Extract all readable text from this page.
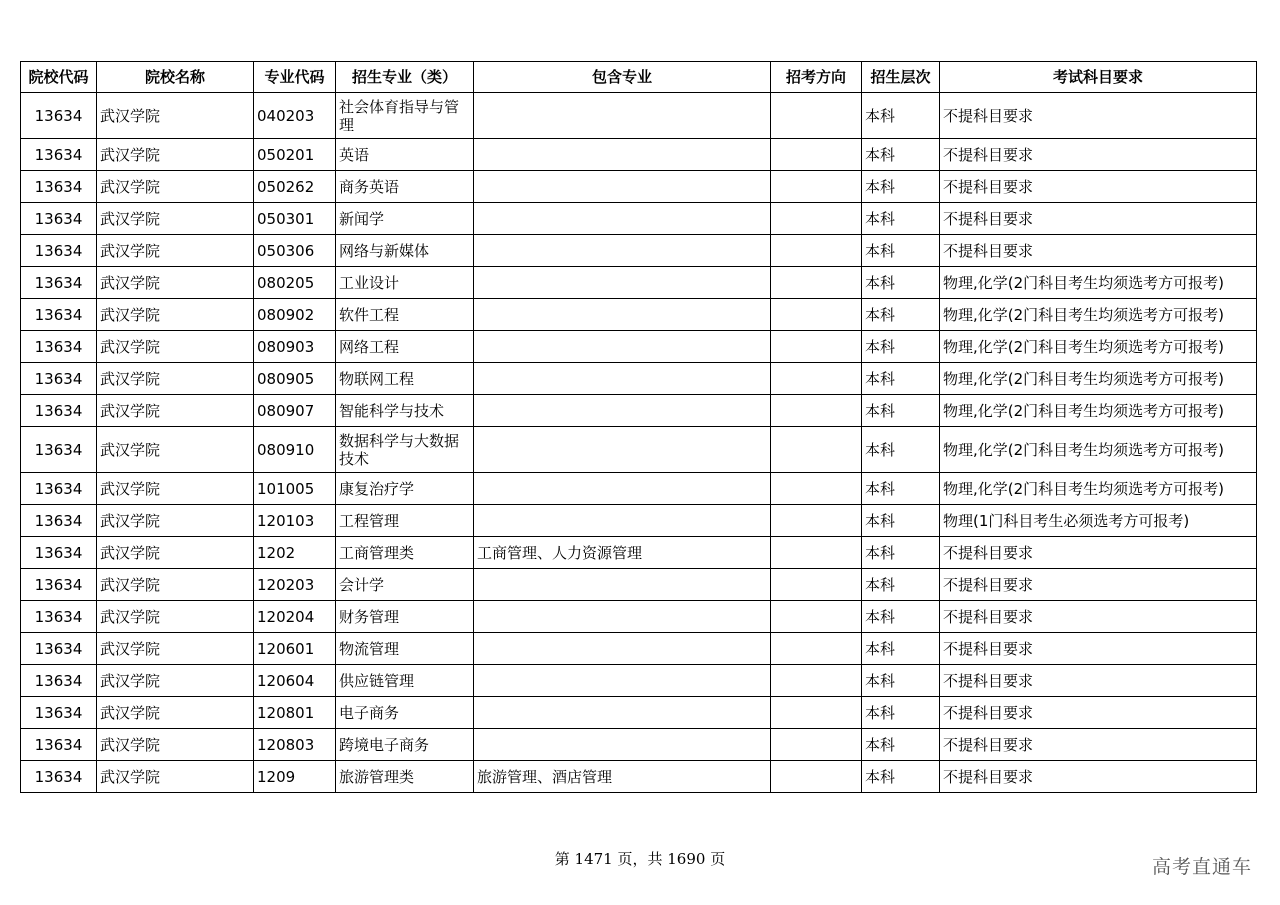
院校代码	院校名称	专业代码	招生专业（类）	包含专业	招考方向	招生层次	考试科目要求
13634	武汉学院	040203	社会体育指导与管理			本科	不提科目要求
13634	武汉学院	050201	英语			本科	不提科目要求
13634	武汉学院	050262	商务英语			本科	不提科目要求
13634	武汉学院	050301	新闻学			本科	不提科目要求
13634	武汉学院	050306	网络与新媒体			本科	不提科目要求
13634	武汉学院	080205	工业设计			本科	物理,化学(2门科目考生均须选考方可报考)
13634	武汉学院	080902	软件工程			本科	物理,化学(2门科目考生均须选考方可报考)
13634	武汉学院	080903	网络工程			本科	物理,化学(2门科目考生均须选考方可报考)
13634	武汉学院	080905	物联网工程			本科	物理,化学(2门科目考生均须选考方可报考)
13634	武汉学院	080907	智能科学与技术			本科	物理,化学(2门科目考生均须选考方可报考)
13634	武汉学院	080910	数据科学与大数据技术			本科	物理,化学(2门科目考生均须选考方可报考)
13634	武汉学院	101005	康复治疗学			本科	物理,化学(2门科目考生均须选考方可报考)
13634	武汉学院	120103	工程管理			本科	物理(1门科目考生必须选考方可报考)
13634	武汉学院	1202	工商管理类	工商管理、人力资源管理		本科	不提科目要求
13634	武汉学院	120203	会计学			本科	不提科目要求
13634	武汉学院	120204	财务管理			本科	不提科目要求
13634	武汉学院	120601	物流管理			本科	不提科目要求
13634	武汉学院	120604	供应链管理			本科	不提科目要求
13634	武汉学院	120801	电子商务			本科	不提科目要求
13634	武汉学院	120803	跨境电子商务			本科	不提科目要求
13634	武汉学院	1209	旅游管理类	旅游管理、酒店管理		本科	不提科目要求
第 1471 页，共 1690 页	高考直通车
